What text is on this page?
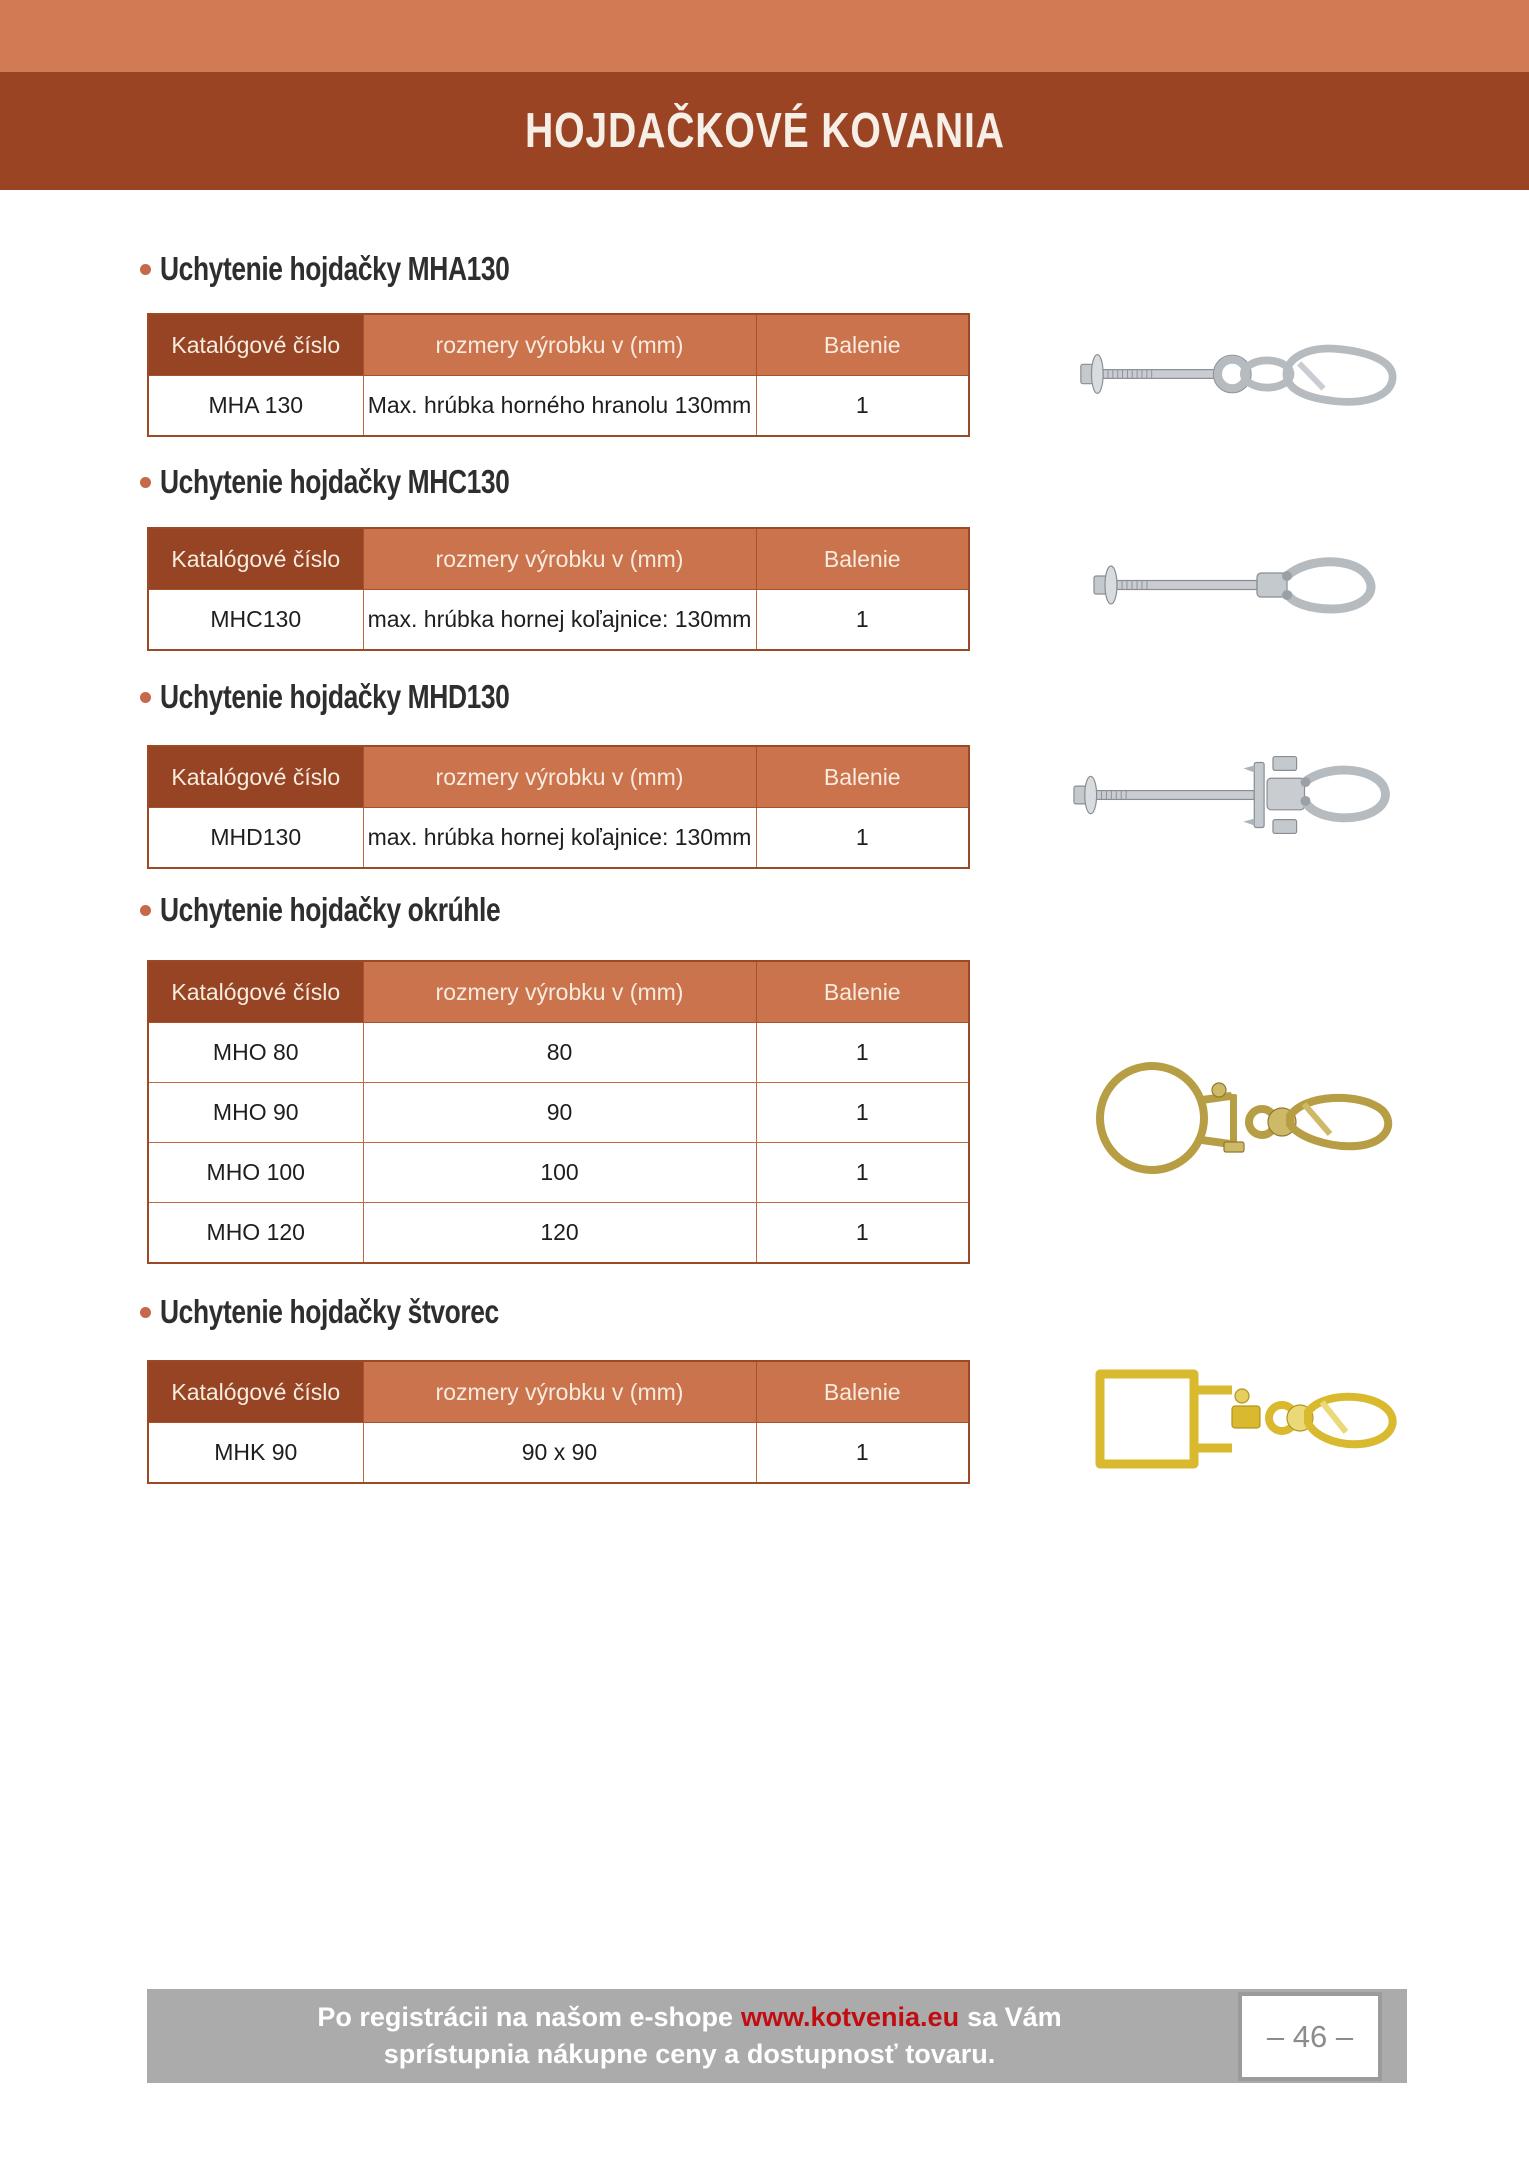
HOJDAČKOVÉ KOVANIA
Uchytenie hojdačky MHA130
Katalógové číslo	rozmery výrobku v (mm)	Balenie
MHA 130	Max. hrúbka horného hranolu 130mm	1
Uchytenie hojdačky MHC130
Katalógové číslo	rozmery výrobku v (mm)	Balenie
MHC130	max. hrúbka hornej koľajnice: 130mm	1
Uchytenie hojdačky MHD130
Katalógové číslo	rozmery výrobku v (mm)	Balenie
MHD130	max. hrúbka hornej koľajnice: 130mm	1
Uchytenie hojdačky okrúhle
Katalógové číslo	rozmery výrobku v (mm)	Balenie
MHO 80	80	1
MHO 90	90	1
MHO 100	100	1
MHO 120	120	1
Uchytenie hojdačky štvorec
Katalógové číslo	rozmery výrobku v (mm)	Balenie
MHK 90	90 x 90	1
Po registrácii na našom e-shope www.kotvenia.eu sa Vám
sprístupnia nákupne ceny a dostupnosť tovaru.
– 46 –
